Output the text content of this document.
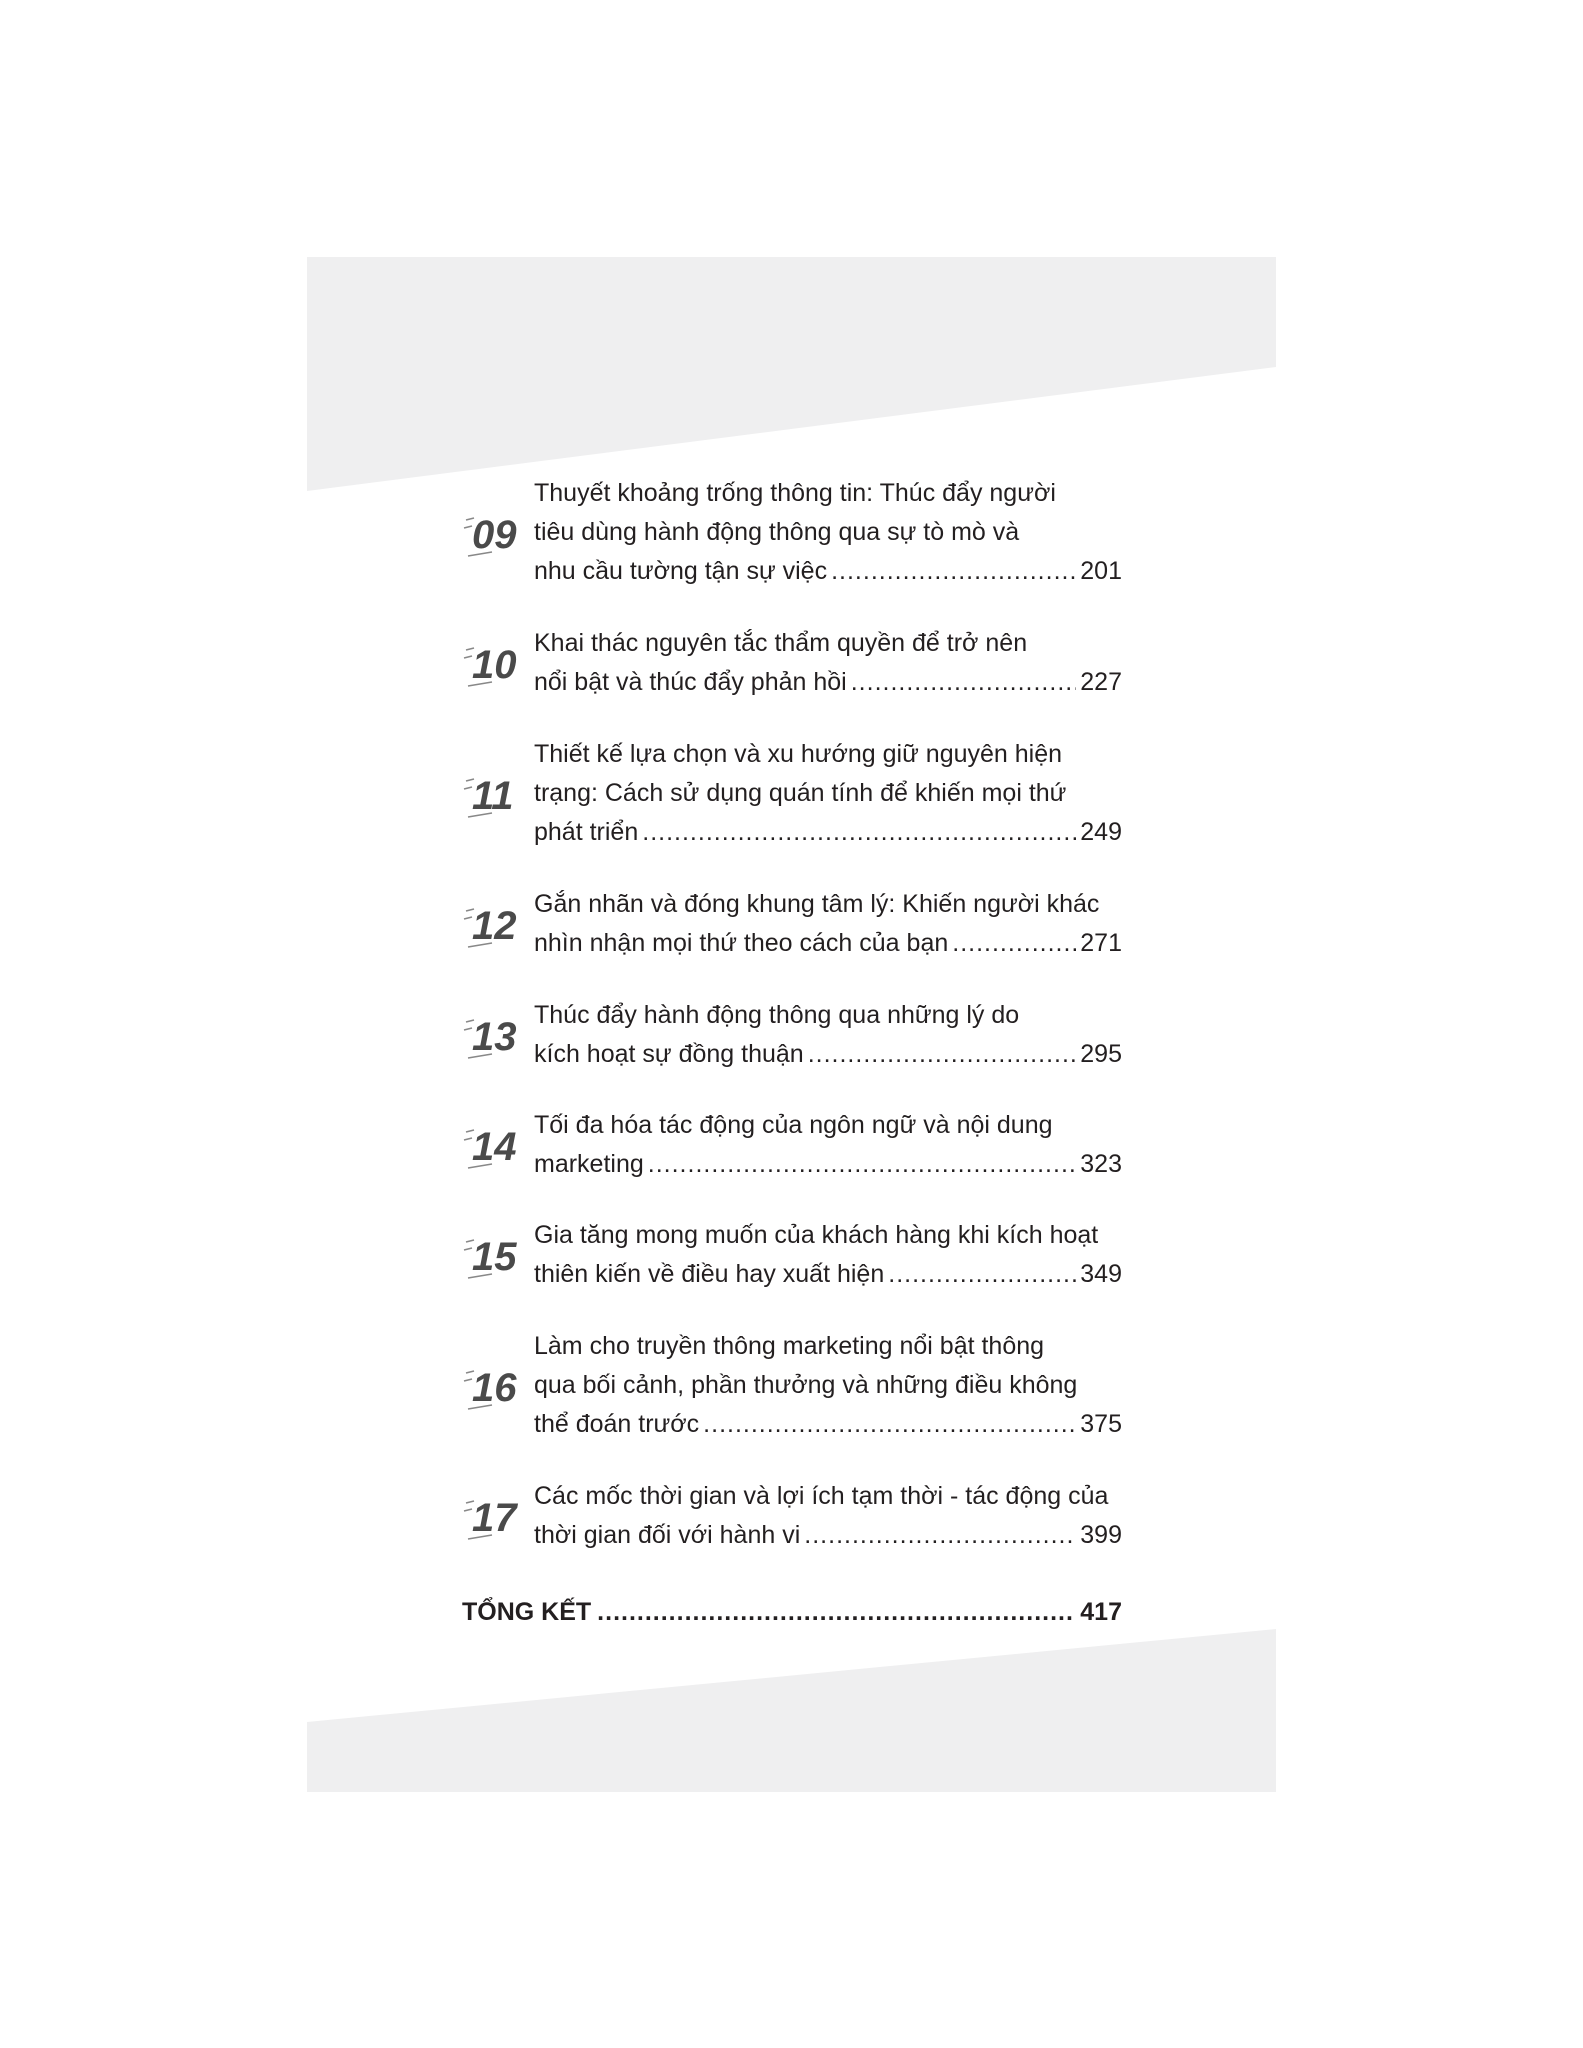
09
Thuyết khoảng trống thông tin: Thúc đẩy người
tiêu dùng hành động thông qua sự tò mò và
nhu cầu tường tận sự việc .....	201
10 Khai thác nguyên tắc thẩm quyền để trở nên
nổi bật và thúc đẩy phản hồi .....	227
11
Thiết kế lựa chọn và xu hướng giữ nguyên hiện
trạng: Cách sử dụng quán tính để khiến mọi thứ
phát triển .....	249
12 Gắn nhãn và đóng khung tâm lý: Khiến người khác
nhìn nhận mọi thứ theo cách của bạn .....	271
13 Thúc đẩy hành động thông qua những lý do
kích hoạt sự đồng thuận .....	295
14 Tối đa hóa tác động của ngôn ngữ và nội dung
marketing .....	323
15 Gia tăng mong muốn của khách hàng khi kích hoạt
thiên kiến về điều hay xuất hiện .....	349
16
Làm cho truyền thông marketing nổi bật thông
qua bối cảnh, phần thưởng và những điều không
thể đoán trước .....	375
17 Các mốc thời gian và lợi ích tạm thời - tác động của
thời gian đối với hành vi .....	399
TỔNG KẾT .....	417
